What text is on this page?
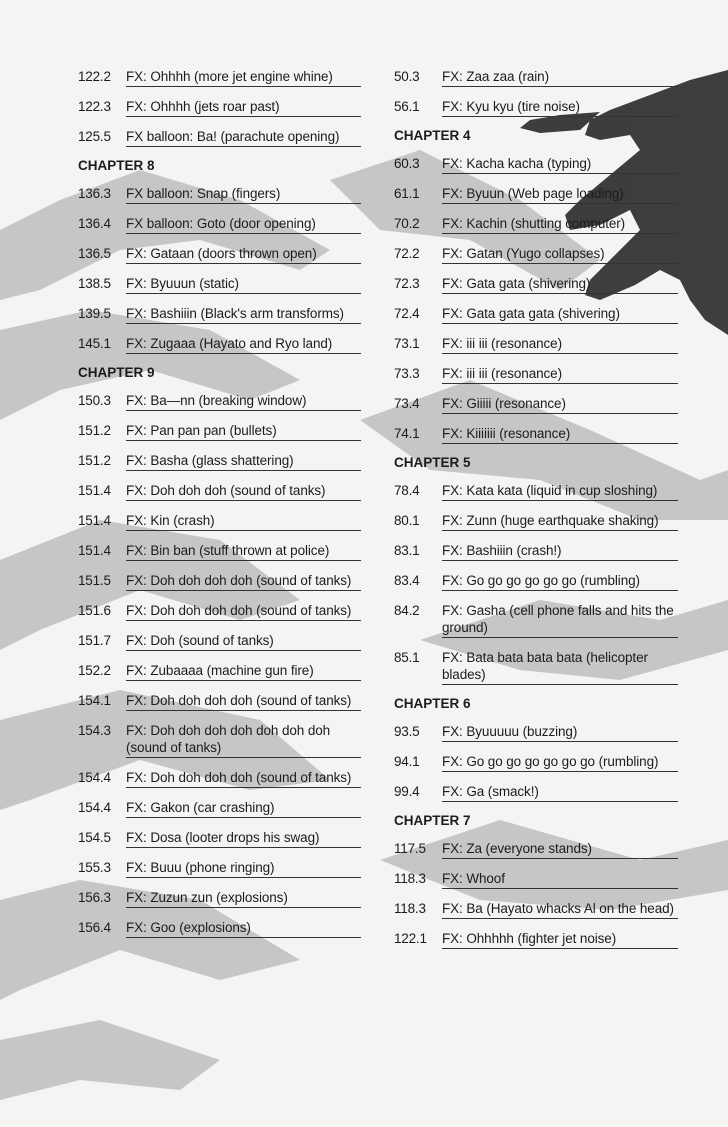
122.2	FX: Ohhhh (more jet engine whine)
122.3	FX: Ohhhh (jets roar past)
125.5	FX balloon: Ba! (parachute opening)
CHAPTER 8
136.3	FX balloon: Snap (fingers)
136.4	FX balloon: Goto (door opening)
136.5	FX: Gataan (doors thrown open)
138.5	FX: Byuuun (static)
139.5	FX: Bashiiin (Black's arm transforms)
145.1	FX: Zugaaa (Hayato and Ryo land)
CHAPTER 9
150.3	FX: Ba—nn (breaking window)
151.2	FX: Pan pan pan (bullets)
151.2	FX: Basha (glass shattering)
151.4	FX: Doh doh doh (sound of tanks)
151.4	FX: Kin (crash)
151.4	FX: Bin ban (stuff thrown at police)
151.5	FX: Doh doh doh doh (sound of tanks)
151.6	FX: Doh doh doh doh (sound of tanks)
151.7	FX: Doh (sound of tanks)
152.2	FX: Zubaaaa (machine gun fire)
154.1	FX: Doh doh doh doh (sound of tanks)
154.3	FX: Doh doh doh doh doh doh doh (sound of tanks)
154.4	FX: Doh doh doh doh (sound of tanks)
154.4	FX: Gakon (car crashing)
154.5	FX: Dosa (looter drops his swag)
155.3	FX: Buuu (phone ringing)
156.3	FX: Zuzun zun (explosions)
156.4	FX: Goo (explosions)
50.3	FX: Zaa zaa (rain)
56.1	FX: Kyu kyu (tire noise)
CHAPTER 4
60.3	FX: Kacha kacha (typing)
61.1	FX: Byuun (Web page loading)
70.2	FX: Kachin (shutting computer)
72.2	FX: Gatan (Yugo collapses)
72.3	FX: Gata gata (shivering)
72.4	FX: Gata gata gata (shivering)
73.1	FX: iii iii (resonance)
73.3	FX: iii iii (resonance)
73.4	FX: Giiiii (resonance)
74.1	FX: Kiiiiiii (resonance)
CHAPTER 5
78.4	FX: Kata kata (liquid in cup sloshing)
80.1	FX: Zunn (huge earthquake shaking)
83.1	FX: Bashiiin (crash!)
83.4	FX: Go go go go go go (rumbling)
84.2	FX: Gasha (cell phone falls and hits the ground)
85.1	FX: Bata bata bata bata (helicopter blades)
CHAPTER 6
93.5	FX: Byuuuuu (buzzing)
94.1	FX: Go go go go go go go (rumbling)
99.4	FX: Ga (smack!)
CHAPTER 7
117.5	FX: Za (everyone stands)
118.3	FX: Whoof
118.3	FX: Ba (Hayato whacks Al on the head)
122.1	FX: Ohhhhh (fighter jet noise)
